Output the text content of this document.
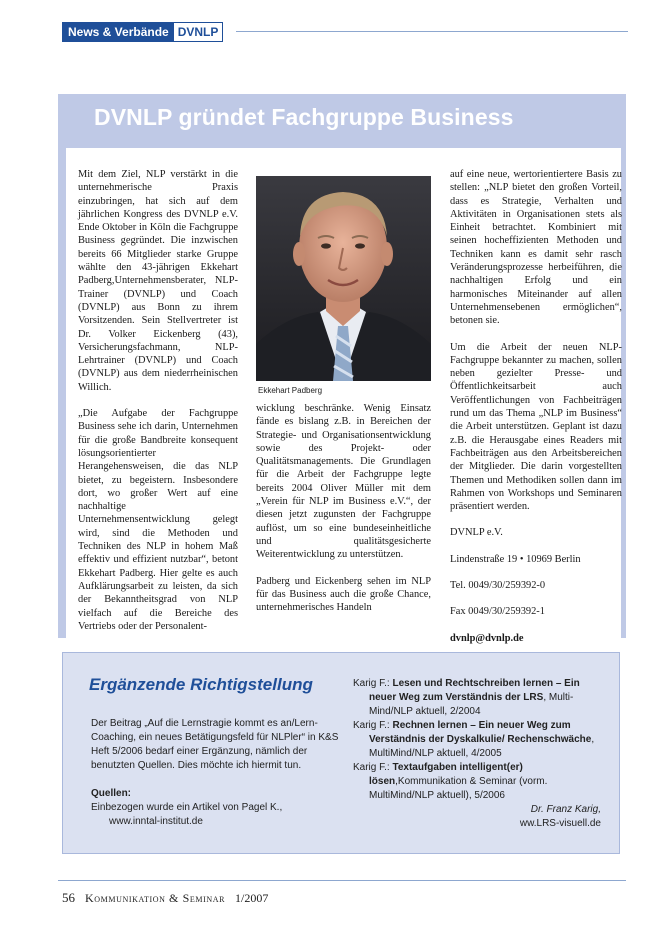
News & Verbände DVNLP
DVNLP gründet Fachgruppe Business

Mit dem Ziel, NLP verstärkt in die unternehmerische Praxis einzubringen, hat sich auf dem jährlichen Kongress des DVNLP e.V. Ende Oktober in Köln die Fachgruppe Business gegründet. Die inzwischen bereits 66 Mitglieder starke Gruppe wählte den 43-jährigen Ekkehart Padberg,Unternehmensberater, NLP-Trainer (DVNLP) und Coach (DVNLP) aus Bonn zu ihrem Vorsitzenden. Sein Stellvertreter ist Dr. Volker Eickenberg (43), Versicherungsfachmann, NLP-Lehrtrainer (DVNLP) und Coach (DVNLP) aus dem niederrheinischen Willich.

„Die Aufgabe der Fachgruppe Business sehe ich darin, Unternehmen für die große Bandbreite konsequent lösungsorientierter Herangehensweisen, die das NLP bietet, zu begeistern. Insbesondere dort, wo großer Wert auf eine nachhaltige Unternehmensentwicklung gelegt wird, sind die Methoden und Techniken des NLP in hohem Maß effektiv und effizient nutzbar“, betont Ekkehart Padberg. Hier gelte es auch Aufklärungsarbeit zu leisten, da sich der Bekanntheitsgrad von NLP vielfach auf die Bereiche des Vertriebs oder der Personalent-

Ekkehart Padberg

wicklung beschränke. Wenig Einsatz fände es bislang z.B. in Bereichen der Strategie- und Organisationsentwicklung sowie des Projekt- oder Qualitätsmanagements. Die Grundlagen für die Arbeit der Fachgruppe legte bereits 2004 Oliver Müller mit dem „Verein für NLP im Business e.V.“, der diesen jetzt zugunsten der Fachgruppe auflöst, um so eine bundeseinheitliche und qualitätsgesicherte Weiterentwicklung zu unterstützen.

Padberg und Eickenberg sehen im NLP für das Business auch die große Chance, unternehmerisches Handeln

auf eine neue, wertorientiertere Basis zu stellen: „NLP bietet den großen Vorteil, dass es Strategie, Verhalten und Aktivitäten in Organisationen stets als Einheit betrachtet. Kombiniert mit seinen hocheffizienten Methoden und Techniken kann es damit sehr rasch Veränderungsprozesse herbeiführen, die nachhaltigen Erfolg und ein harmonisches Miteinander auf allen Unternehmensebenen ermöglichen“, betonen sie.

Um die Arbeit der neuen NLP-Fachgruppe bekannter zu machen, sollen neben gezielter Presse- und Öffentlichkeitsarbeit auch Veröffentlichungen von Fachbeiträgen rund um das Thema „NLP im Business“ die Arbeit unterstützen. Geplant ist dazu z.B. die Herausgabe eines Readers mit Fachbeiträgen aus den Arbeitsbereichen der Mitglieder. Die darin vorgestellten Themen und Methodiken sollen dann im Rahmen von Workshops und Seminaren präsentiert werden.

DVNLP e.V.

Lindenstraße 19 • 10969 Berlin

Tel. 0049/30/259392-0

Fax 0049/30/259392-1

dvnlp@dvnlp.de

Ergänzende Richtigstellung

Der Beitrag „Auf die Lernstragie kommt es an/Lern-Coaching, ein neues Betätigungsfeld für NLPler“ in K&S Heft 5/2006 bedarf einer Ergänzung, nämlich der benutzten Quellen. Dies möchte ich hiermit tun.

Quellen:

Einbezogen wurde ein Artikel von Pagel K.,

www.inntal-institut.de

Karig F.: Lesen und Rechtschreiben lernen – Ein neuer Weg zum Verständnis der LRS, Multi-Mind/NLP aktuell, 2/2004

Karig F.: Rechnen lernen – Ein neuer Weg zum Verständnis der Dyskalkulie/ Rechenschwäche, MultiMind/NLP aktuell, 4/2005

Karig F.: Textaufgaben intelligent(er) lösen,Kommunikation & Seminar (vorm. MultiMind/NLP aktuell), 5/2006

Dr. Franz Karig,

ww.LRS-visuell.de

56 Kommunikation & Seminar 1/2007
